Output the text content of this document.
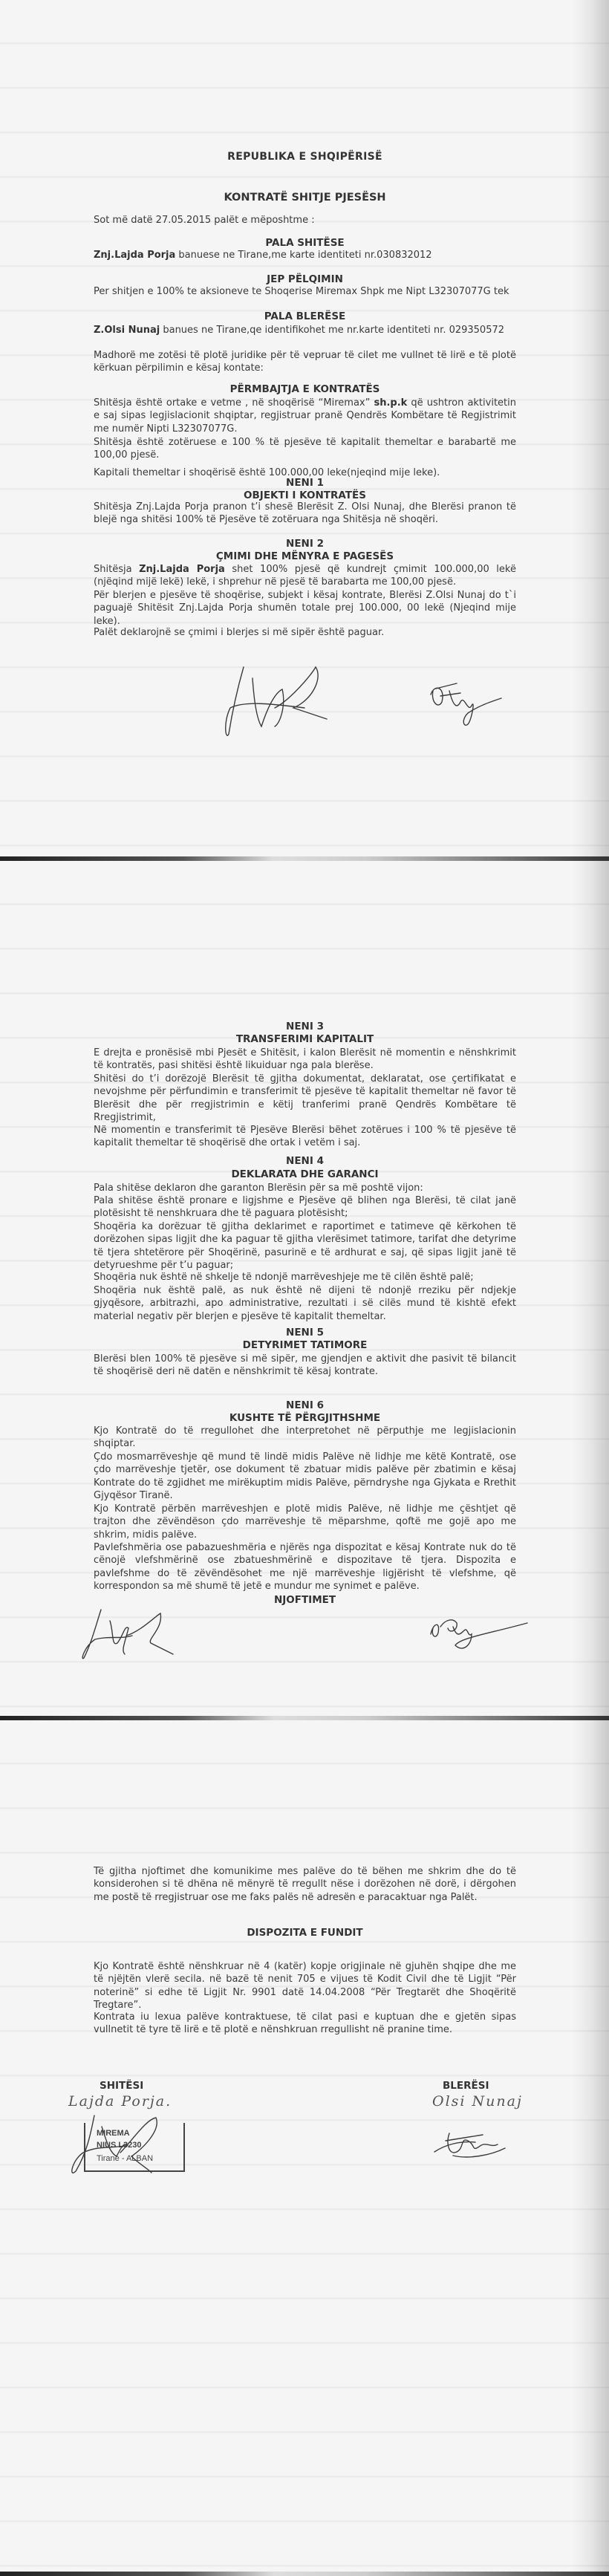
REPUBLIKA E SHQIPËRISË

KONTRATË SHITJE PJESËSH

Sot më datë 27.05.2015 palët e mëposhtme :

PALA SHITËSE

Znj.Lajda Porja banuese ne Tirane,me karte identiteti nr.030832012

JEP PËLQIMIN

Per shitjen e 100% te aksioneve te Shoqerise Miremax Shpk me Nipt L32307077G tek

PALA BLERËSE

Z.Olsi Nunaj banues ne Tirane,qe identifikohet me nr.karte identiteti nr. 029350572

Madhorë me zotësi të plotë juridike për të vepruar të cilet me vullnet të lirë e të plotë kërkuan përpilimin e kësaj kontate:

PËRMBAJTJA E KONTRATËS

Shitësja është ortake e vetme , në shoqërisë “Miremax” sh.p.k që ushtron aktivitetin e saj sipas legjislacionit shqiptar, regjistruar pranë Qendrës Kombëtare të Regjistrimit me numër Nipti L32307077G.

Shitësja është zotëruese e 100 % të pjesëve të kapitalit themeltar e barabartë me 100,00 pjesë.

Kapitali themeltar i shoqërisë është 100.000,00 leke(njeqind mije leke).

NENI 1

OBJEKTI I KONTRATËS

Shitësja Znj.Lajda Porja pranon t’i shesë Blerësit Z. Olsi Nunaj, dhe Blerësi pranon të blejë nga shitësi 100% të Pjesëve të zotëruara nga Shitësja në shoqëri.

NENI 2

ÇMIMI DHE MËNYRA E PAGESËS

Shitësja Znj.Lajda Porja shet 100% pjesë që kundrejt çmimit 100.000,00 lekë (njëqind mijë lekë) lekë, i shprehur në pjesë të barabarta me 100,00 pjesë.

Për blerjen e pjesëve të shoqërise, subjekt i kësaj kontrate, Blerësi Z.Olsi Nunaj do t`i paguajë Shitësit Znj.Lajda Porja shumën totale prej 100.000, 00 lekë (Njeqind mije leke).

Palët deklarojnë se çmimi i blerjes si më sipër është paguar.

NENI 3

TRANSFERIMI KAPITALIT

E drejta e pronësisë mbi Pjesët e Shitësit, i kalon Blerësit në momentin e nënshkrimit të kontratës, pasi shitësi është likuiduar nga pala blerëse.

Shitësi do t’i dorëzojë Blerësit të gjitha dokumentat, deklaratat, ose çertifikatat e nevojshme për përfundimin e transferimit të pjesëve të kapitalit themeltar në favor të Blerësit dhe për rregjistrimin e këtij tranferimi pranë Qendrës Kombëtare të Rregjistrimit,

Në momentin e transferimit të Pjesëve Blerësi bëhet zotërues i 100 % të pjesëve të kapitalit themeltar të shoqërisë dhe ortak i vetëm i saj.

NENI 4

DEKLARATA DHE GARANCI

Pala shitëse deklaron dhe garanton Blerësin për sa më poshtë vijon:

Pala shitëse është pronare e ligjshme e Pjesëve që blihen nga Blerësi, të cilat janë plotësisht të nenshkruara dhe të paguara plotësisht;

Shoqëria ka dorëzuar të gjitha deklarimet e raportimet e tatimeve që kërkohen të dorëzohen sipas ligjit dhe ka paguar të gjitha vlerësimet tatimore, tarifat dhe detyrime të tjera shtetërore për Shoqërinë, pasurinë e të ardhurat e saj, që sipas ligjit janë të detyrueshme për t’u paguar;

Shoqëria nuk është në shkelje të ndonjë marrëveshjeje me të cilën është palë;

Shoqëria nuk është palë, as nuk është në dijeni të ndonjë rreziku për ndjekje gjyqësore, arbitrazhi, apo administrative, rezultati i së cilës mund të kishtë efekt material negativ për blerjen e pjesëve të kapitalit themeltar.

NENI 5

DETYRIMET TATIMORE

Blerësi blen 100% të pjesëve si më sipër, me gjendjen e aktivit dhe pasivit të bilancit të shoqërisë deri në datën e nënshkrimit të kësaj kontrate.

NENI 6

KUSHTE TË PËRGJITHSHME

Kjo Kontratë do të rregullohet dhe interpretohet në përputhje me legjislacionin shqiptar.

Çdo mosmarrëveshje që mund të lindë midis Palëve në lidhje me këtë Kontratë, ose çdo marrëveshje tjetër, ose dokument të zbatuar midis palëve për zbatimin e kësaj Kontrate do të zgjidhet me mirëkuptim midis Palëve, përndryshe nga Gjykata e Rrethit Gjyqësor Tiranë.

Kjo Kontratë përbën marrëveshjen e plotë midis Palëve, në lidhje me çështjet që trajton dhe zëvëndëson çdo marrëveshje të mëparshme, qoftë me gojë apo me shkrim, midis palëve.

Pavlefshmëria ose pabazueshmëria e njërës nga dispozitat e kësaj Kontrate nuk do të cënojë vlefshmërinë ose zbatueshmërinë e dispozitave të tjera. Dispozita e pavlefshme do të zëvëndësohet me një marrëveshje ligjërisht të vlefshme, që korrespondon sa më shumë të jetë e mundur me synimet e palëve.

NJOFTIMET

Të gjitha njoftimet dhe komunikime mes palëve do të bëhen me shkrim dhe do të konsiderohen si të dhëna në mënyrë të rregullt nëse i dorëzohen në dorë, i dërgohen me postë të rregjistruar ose me faks palës në adresën e paracaktuar nga Palët.

DISPOZITA E FUNDIT

Kjo Kontratë është nënshkruar në 4 (katër) kopje origjinale në gjuhën shqipe dhe me të njëjtën vlerë secila. në bazë të nenit 705 e vijues të Kodit Civil dhe të Ligjit “Për noterinë” si edhe të Ligjit Nr. 9901 datë 14.04.2008 “Për Tregtarët dhe Shoqëritë Tregtare”.

Kontrata iu lexua palëve kontraktuese, të cilat pasi e kuptuan dhe e gjetën sipas vullnetit të tyre të lirë e të plotë e nënshkruan rregullisht në pranine time.

SHITËSI	BLERËSI
Lajda Porja.	Olsi Nunaj
MIREMA
NIUS L3230
Tirane - ALBAN
